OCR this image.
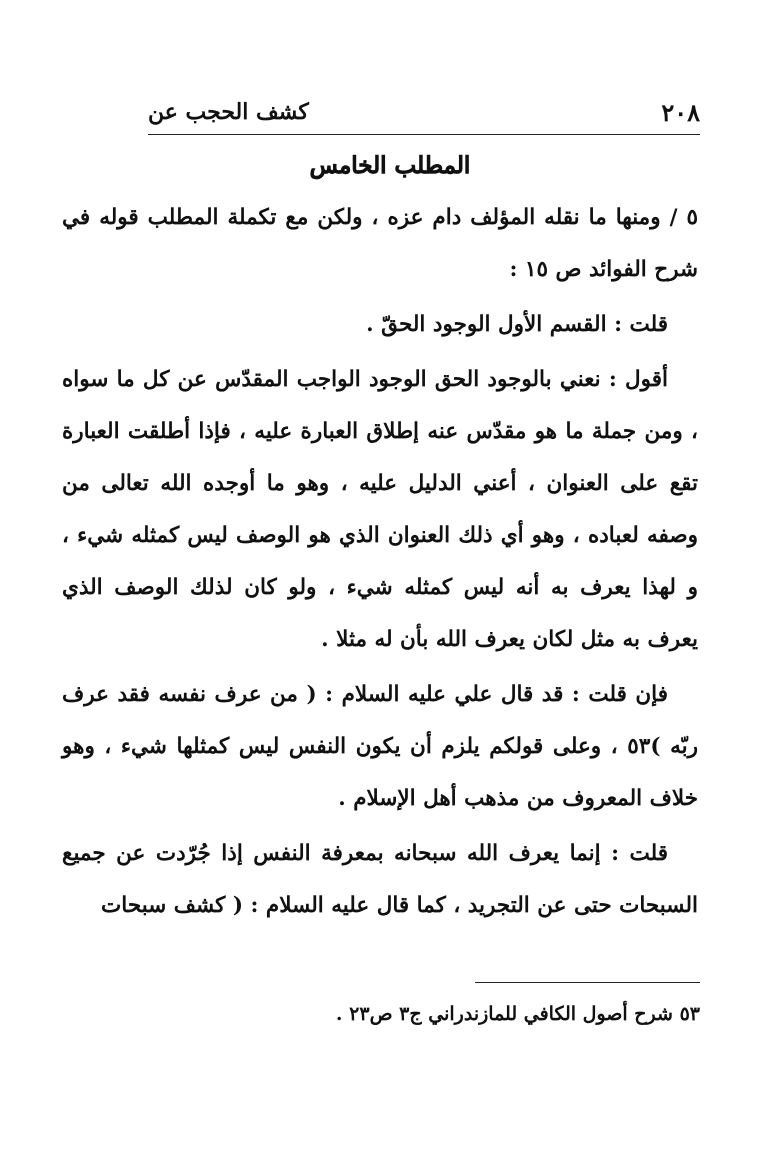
٢٠٨
كشف الحجب عن
المطلب الخامس

٥ / ومنها ما نقله المؤلف دام عزه ، ولكن مع تكملة المطلب قوله في شرح الفوائد ص ١٥ :

قلت : القسم الأول الوجود الحقّ .

أقول : نعني بالوجود الحق الوجود الواجب المقدّس عن كل ما سواه ، ومن جملة ما هو مقدّس عنه إطلاق العبارة عليه ، فإذا أطلقت العبارة تقع على العنوان ، أعني الدليل عليه ، وهو ما أوجده الله تعالى من وصفه لعباده ، وهو أي ذلك العنوان الذي هو الوصف ليس كمثله شيء ، و لهذا يعرف به أنه ليس كمثله شيء ، ولو كان لذلك الوصف الذي يعرف به مثل لكان يعرف الله بأن له مثلا .

فإن قلت : قد قال علي عليه السلام : ( من عرف نفسه فقد عرف ربّه )٥٣ ، وعلى قولكم يلزم أن يكون النفس ليس كمثلها شيء ، وهو خلاف المعروف من مذهب أهل الإسلام .

قلت : إنما يعرف الله سبحانه بمعرفة النفس إذا جُرّدت عن جميع السبحات حتى عن التجريد ، كما قال عليه السلام : ( كشف سبحات

٥٣ شرح أصول الكافي للمازندراني ج٣ ص٢٣ .
